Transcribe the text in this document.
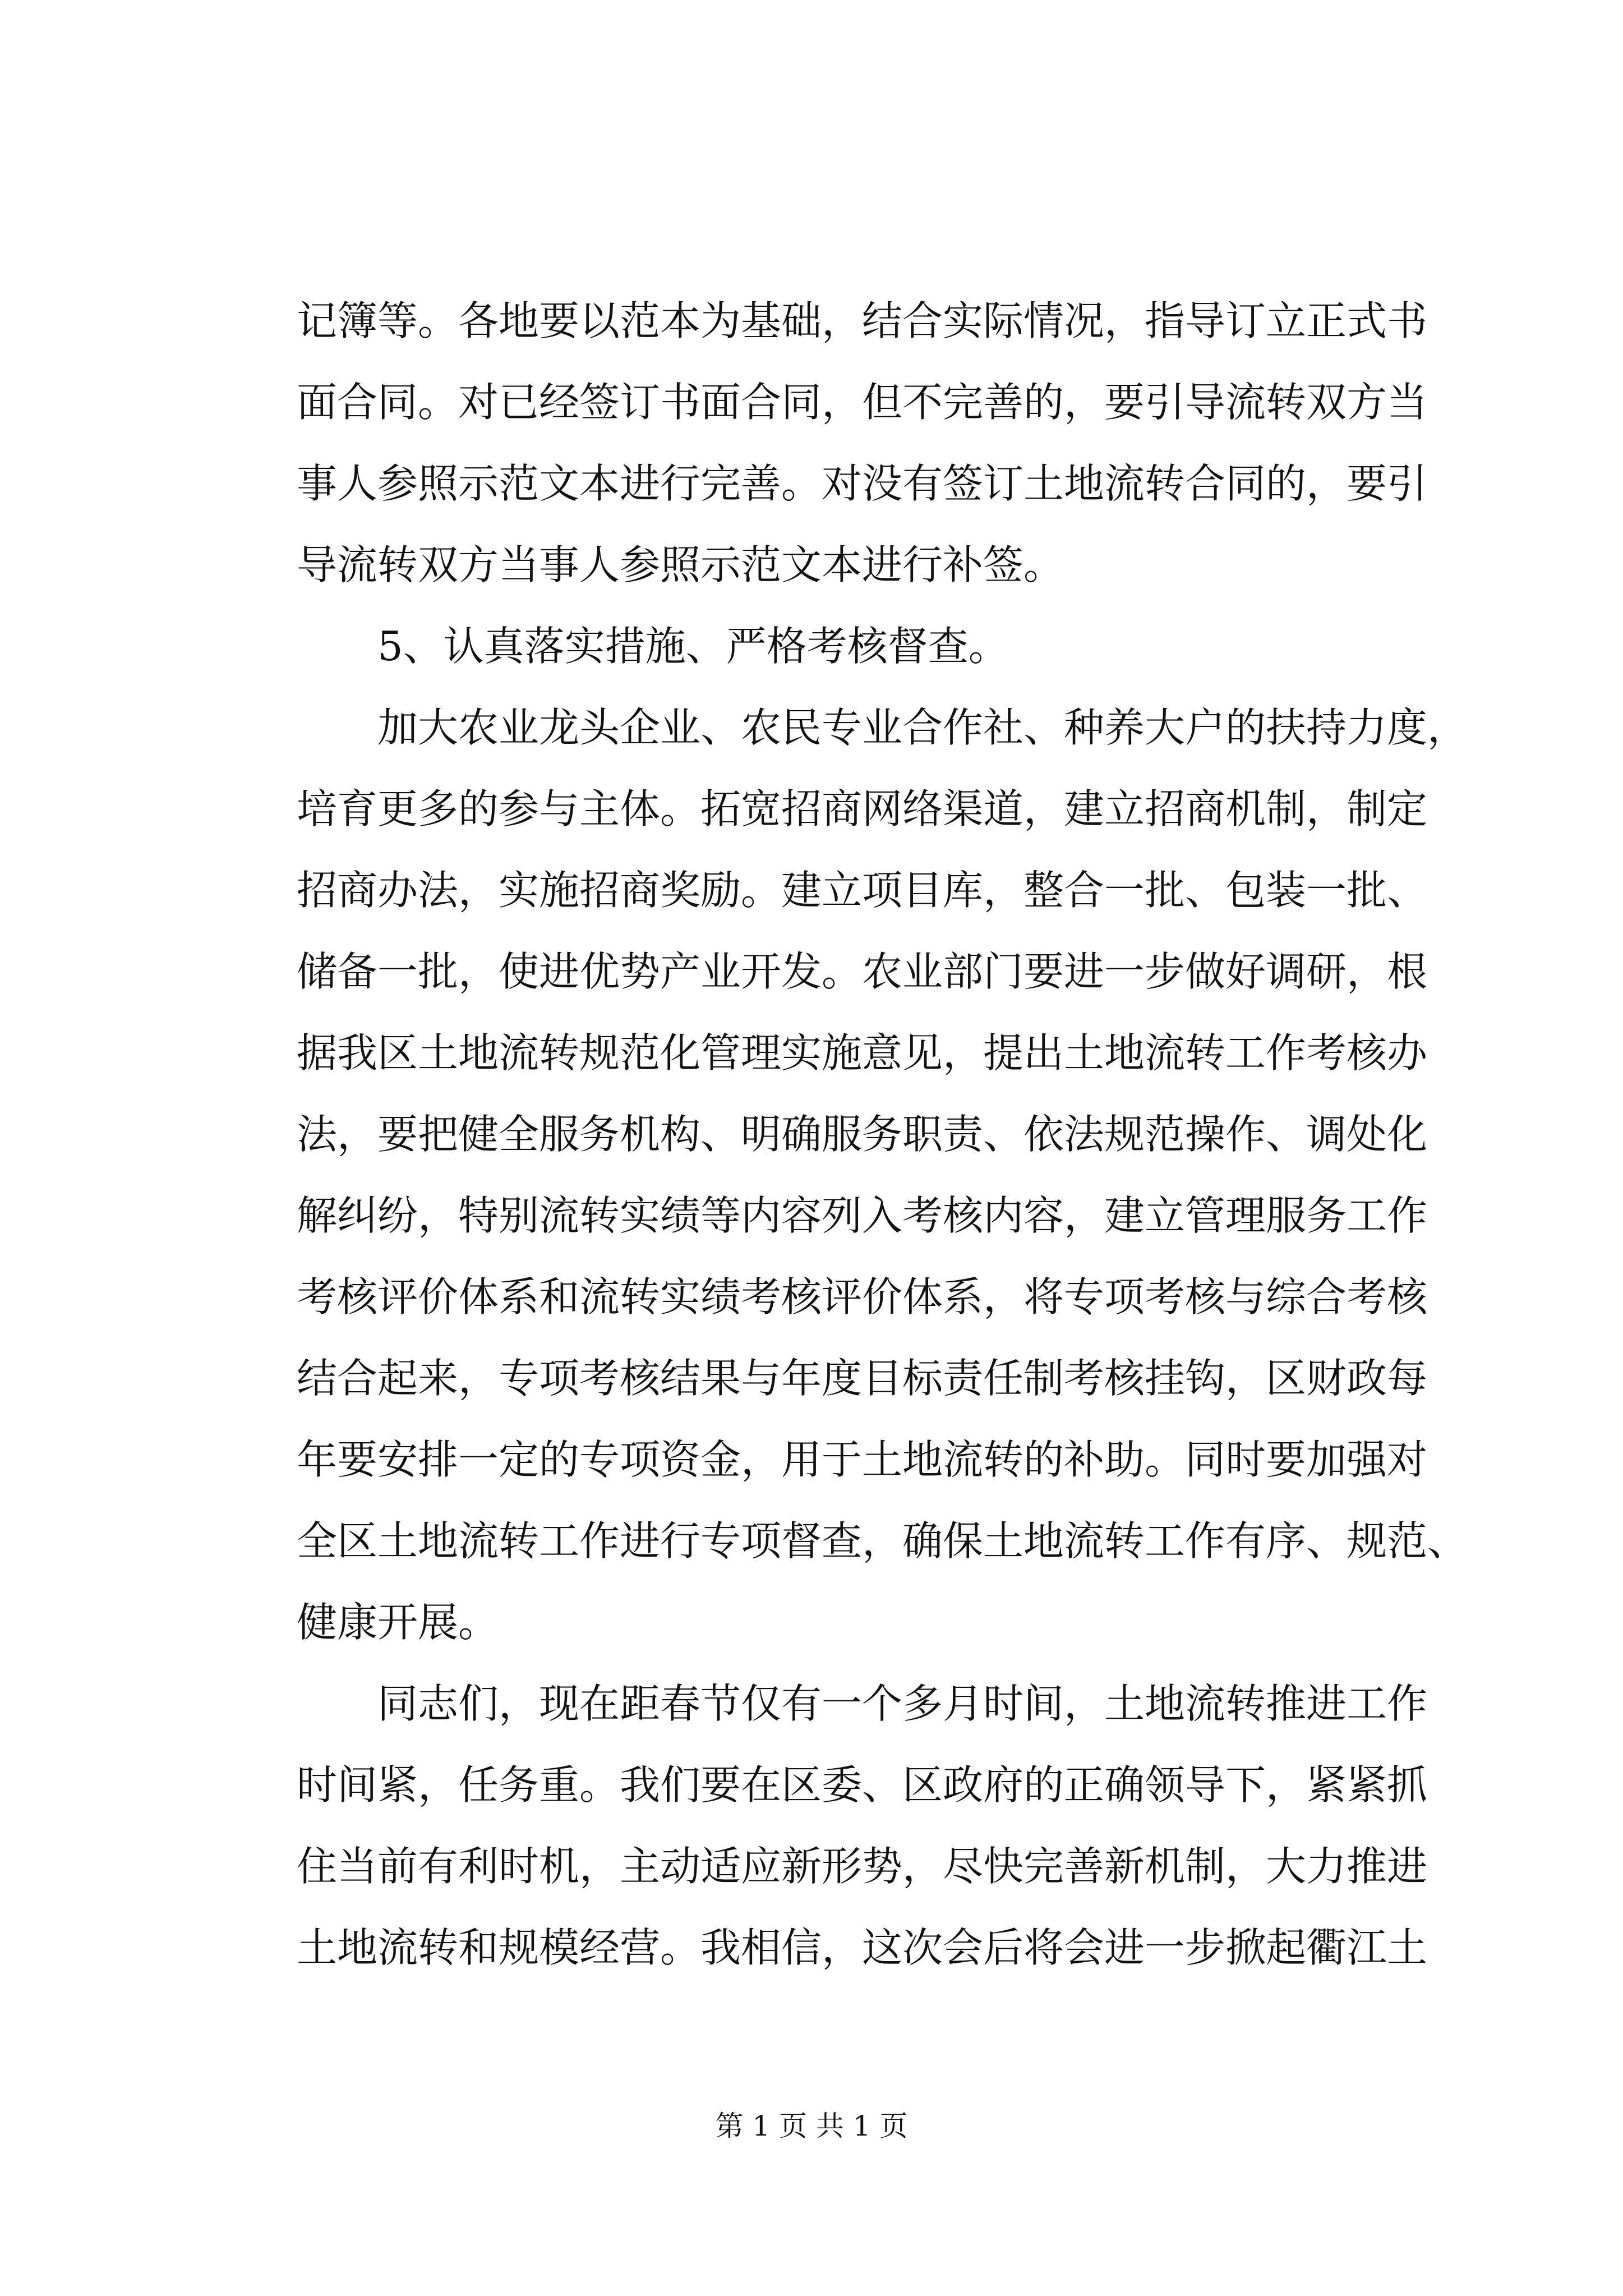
记簿等。各地要以范本为基础，结合实际情况，指导订立正式书
面合同。对已经签订书面合同，但不完善的，要引导流转双方当
事人参照示范文本进行完善。对没有签订土地流转合同的，要引
导流转双方当事人参照示范文本进行补签。
　　5、认真落实措施、严格考核督查。
　　加大农业龙头企业、农民专业合作社、种养大户的扶持力度，
培育更多的参与主体。拓宽招商网络渠道，建立招商机制，制定
招商办法，实施招商奖励。建立项目库，整合一批、包装一批、
储备一批，使进优势产业开发。农业部门要进一步做好调研，根
据我区土地流转规范化管理实施意见，提出土地流转工作考核办
法，要把健全服务机构、明确服务职责、依法规范操作、调处化
解纠纷，特别流转实绩等内容列入考核内容，建立管理服务工作
考核评价体系和流转实绩考核评价体系，将专项考核与综合考核
结合起来，专项考核结果与年度目标责任制考核挂钩，区财政每
年要安排一定的专项资金，用于土地流转的补助。同时要加强对
全区土地流转工作进行专项督查，确保土地流转工作有序、规范、
健康开展。
　　同志们，现在距春节仅有一个多月时间，土地流转推进工作
时间紧，任务重。我们要在区委、区政府的正确领导下，紧紧抓
住当前有利时机，主动适应新形势，尽快完善新机制，大力推进
土地流转和规模经营。我相信，这次会后将会进一步掀起衢江土
第 1 页 共 1 页
